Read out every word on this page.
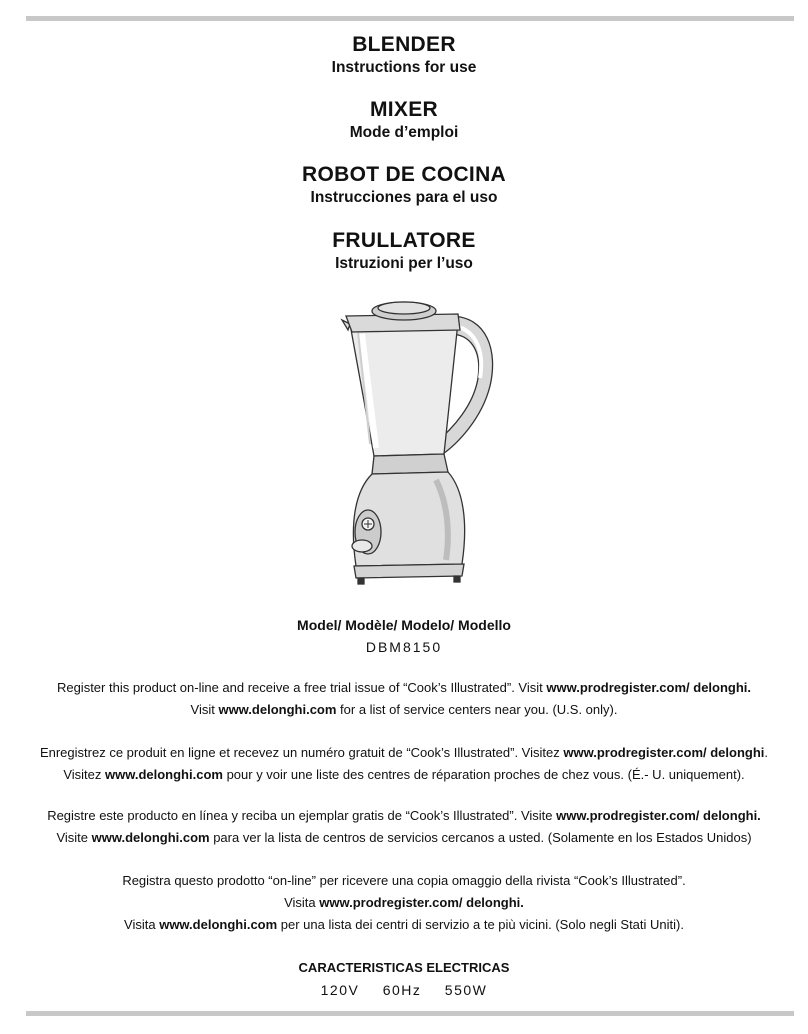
BLENDER
Instructions for use
MIXER
Mode d’emploi
ROBOT DE COCINA
Instrucciones para el uso
FRULLATORE
Istruzioni per l’uso
Model/ Modèle/ Modelo/ Modello
DBM8150
Register this product on-line and receive a free trial issue of “Cook’s Illustrated”. Visit www.prodregister.com/ delonghi.
Visit www.delonghi.com for a list of service centers near you. (U.S. only).
Enregistrez ce produit en ligne et recevez un numéro gratuit de “Cook’s Illustrated”. Visitez www.prodregister.com/ delonghi.
Visitez www.delonghi.com pour y voir une liste des centres de réparation proches de chez vous. (É.- U. uniquement).
Registre este producto en línea y reciba un ejemplar gratis de “Cook’s Illustrated”. Visite www.prodregister.com/ delonghi.
Visite www.delonghi.com para ver la lista de centros de servicios cercanos a usted. (Solamente en los Estados Unidos)
Registra questo prodotto “on-line” per ricevere una copia omaggio della rivista “Cook’s Illustrated”.
Visita www.prodregister.com/ delonghi.
Visita www.delonghi.com per una lista dei centri di servizio a te più vicini. (Solo negli Stati Uniti).
CARACTERISTICAS ELECTRICAS
120V 60Hz 550W
